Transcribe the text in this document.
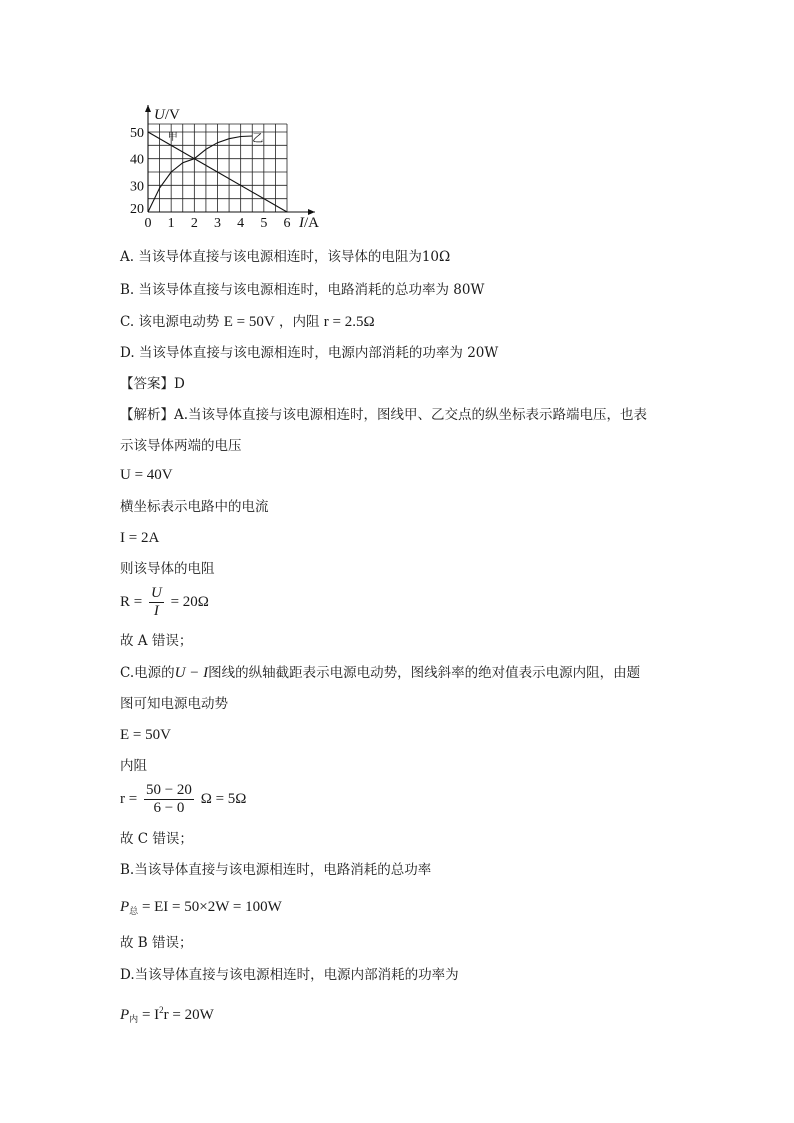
甲	乙
0 1 2 3 4 5 6
20
30
40
50
U/V
I/A
A. 当该导体直接与该电源相连时，该导体的电阻为10Ω
B. 当该导体直接与该电源相连时，电路消耗的总功率为 80W
C. 该电源电动势 E = 50V ，内阻 r = 2.5Ω
D. 当该导体直接与该电源相连时，电源内部消耗的功率为 20W
【答案】D
【解析】A.当该导体直接与该电源相连时，图线甲、乙交点的纵坐标表示路端电压，也表
示该导体两端的电压
U = 40V
横坐标表示电路中的电流
I = 2A
则该导体的电阻
$R = \frac{U}{I} = 20\Omega$
故 A 错误；
C.电源的U − I图线的纵轴截距表示电源电动势，图线斜率的绝对值表示电源内阻，由题
图可知电源电动势
E = 50V
内阻
$r = \frac{50 - 20}{6 - 0}$ Ω = 5Ω
故 C 错误；
B.当该导体直接与该电源相连时，电路消耗的总功率
$P_总$ = EI = 50×2W = 100W
故 B 错误；
D.当该导体直接与该电源相连时，电源内部消耗的功率为
$P_内 = I^2r = 20W$
